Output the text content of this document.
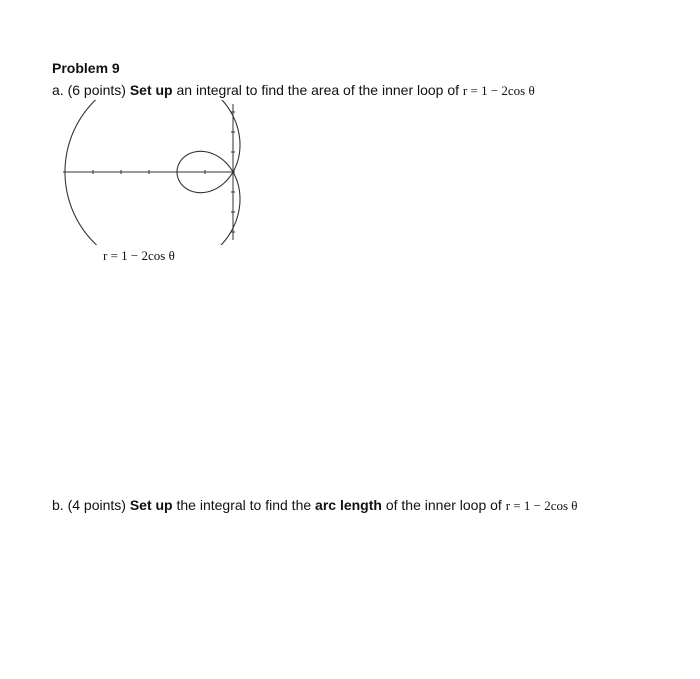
Problem 9
a. (6 points) Set up an integral to find the area of the inner loop of r = 1 − 2cos θ
r = 1 − 2cos θ
b. (4 points) Set up the integral to find the arc length of the inner loop of r = 1 − 2cos θ
